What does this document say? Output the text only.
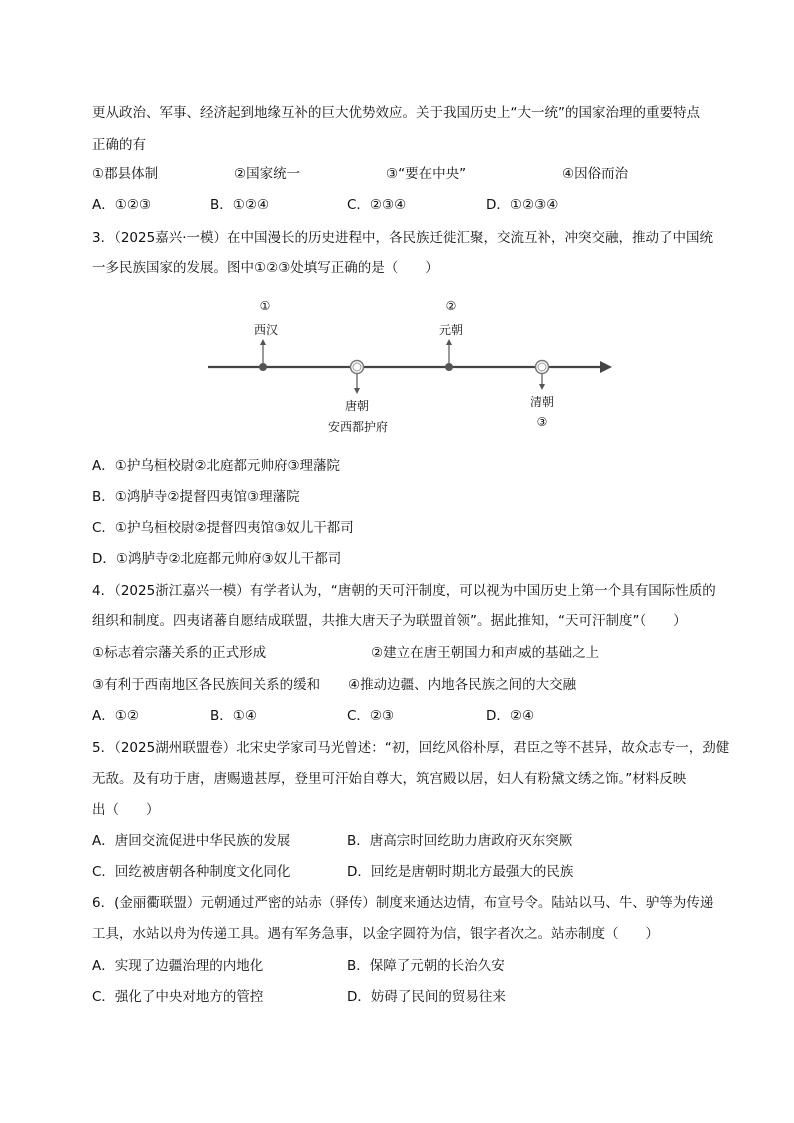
更从政治、军事、经济起到地缘互补的巨大优势效应。关于我国历史上“大一统”的国家治理的重要特点
正确的有
①郡县体制	②国家统一	③“要在中央”	④因俗而治
A．①②③	B．①②④	C．②③④	D．①②③④
3．（2025嘉兴·一模）在中国漫长的历史进程中，各民族迁徙汇聚，交流互补，冲突交融，推动了中国统
一多民族国家的发展。图中①②③处填写正确的是（　　）
①
西汉
唐朝
安西都护府
②
元朝
清朝
③
A．①护乌桓校尉②北庭都元帅府③理藩院
B．①鸿胪寺②提督四夷馆③理藩院
C．①护乌桓校尉②提督四夷馆③奴儿干都司
D．①鸿胪寺②北庭都元帅府③奴儿干都司
4．（2025浙江嘉兴一模）有学者认为，“唐朝的天可汗制度，可以视为中国历史上第一个具有国际性质的
组织和制度。四夷诸蕃自愿结成联盟，共推大唐天子为联盟首领”。据此推知，“天可汗制度”（　　）
①标志着宗藩关系的正式形成	②建立在唐王朝国力和声威的基础之上
③有利于西南地区各民族间关系的缓和 ④推动边疆、内地各民族之间的大交融
A．①②	B．①④	C．②③	D．②④
5．（2025湖州联盟卷）北宋史学家司马光曾述：“初，回纥风俗朴厚，君臣之等不甚异，故众志专一，劲健
无敌。及有功于唐，唐赐遗甚厚，登里可汗始自尊大，筑宫殿以居，妇人有粉黛文绣之饰。”材料反映
出（　　）
A．唐回交流促进中华民族的发展	B．唐高宗时回纥助力唐政府灭东突厥
C．回纥被唐朝各种制度文化同化	D．回纥是唐朝时期北方最强大的民族
6．(金丽衢联盟）元朝通过严密的站赤（驿传）制度来通达边情，布宣号令。陆站以马、牛、驴等为传递
工具，水站以舟为传递工具。遇有军务急事，以金字圆符为信，银字者次之。站赤制度（　　）
A．实现了边疆治理的内地化	B．保障了元朝的长治久安
C．强化了中央对地方的管控	D．妨碍了民间的贸易往来
